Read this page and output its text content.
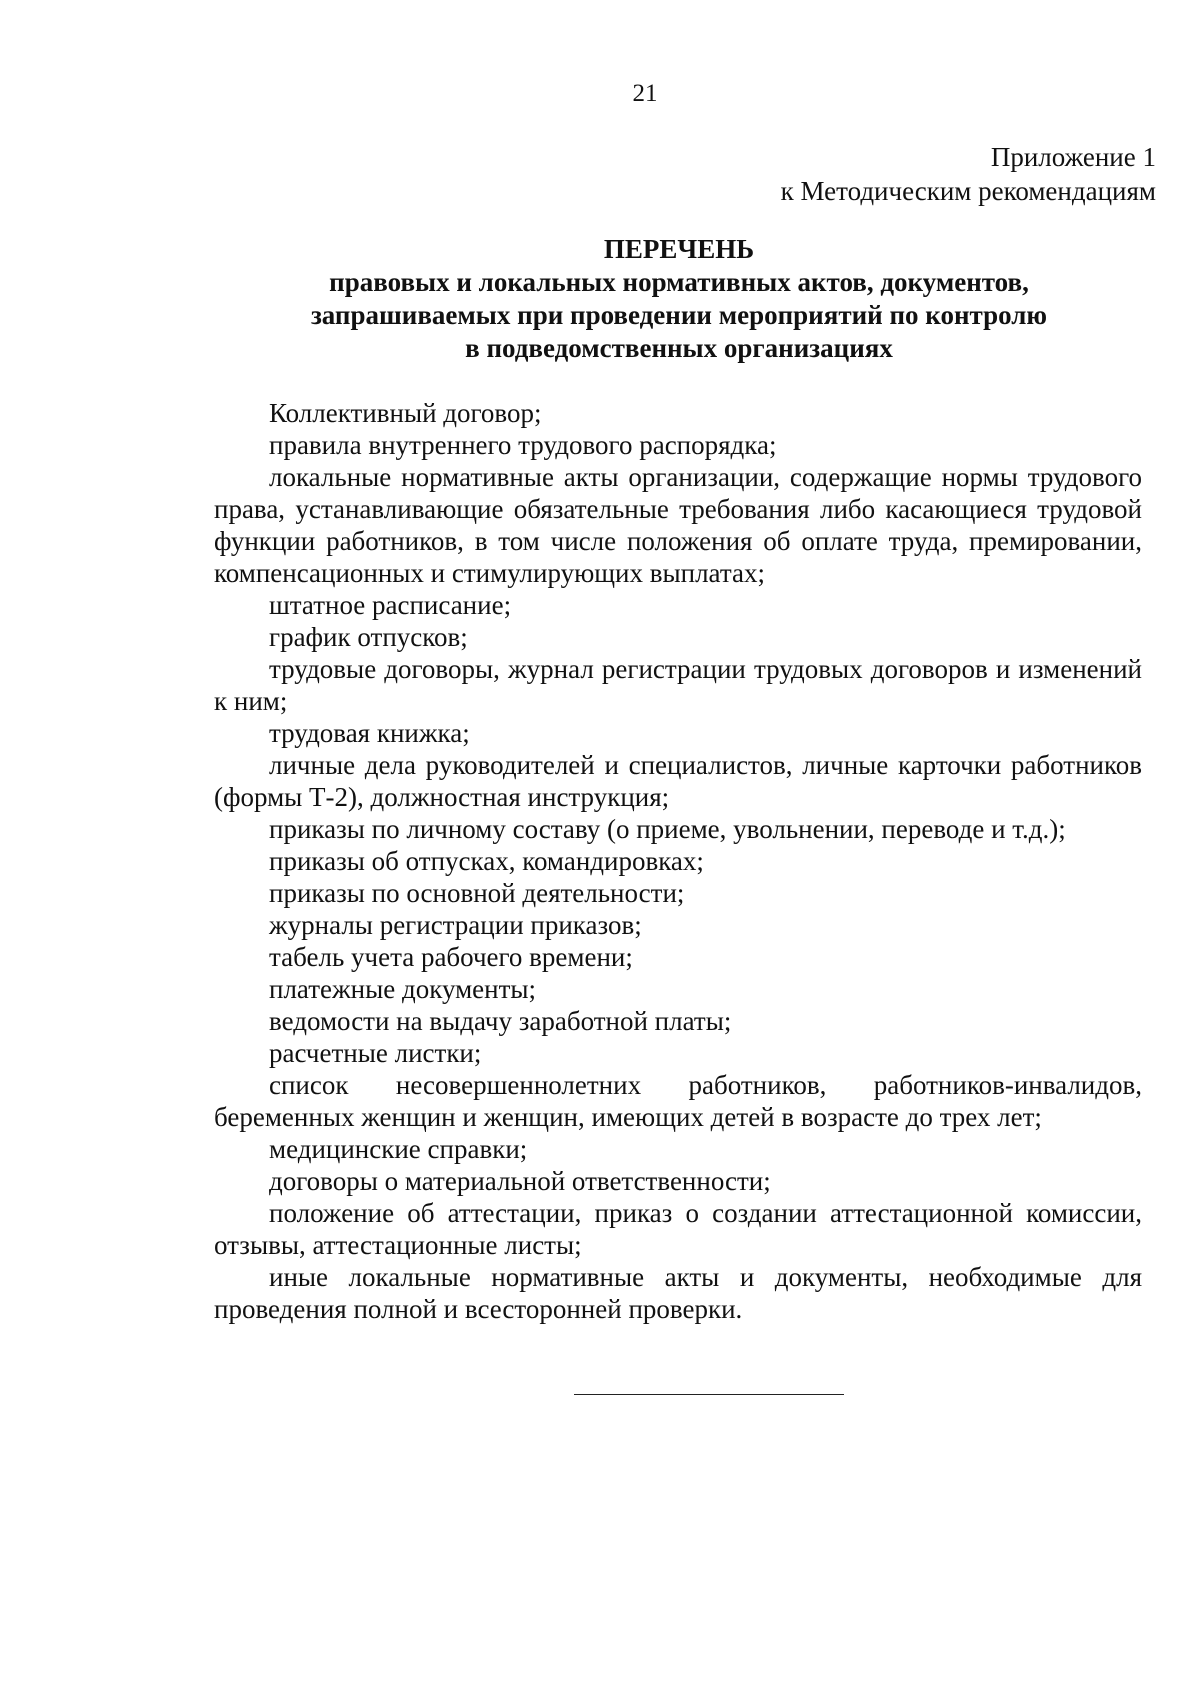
21
Приложение 1
к Методическим рекомендациям
ПЕРЕЧЕНЬ
правовых и локальных нормативных актов, документов,
запрашиваемых при проведении мероприятий по контролю
в подведомственных организациях

Коллективный договор;

правила внутреннего трудового распорядка;

локальные нормативные акты организации, содержащие нормы трудового права, устанавливающие обязательные требования либо касающиеся трудовой функции работников, в том числе положения об оплате труда, премировании, компенсационных и стимулирующих выплатах;

штатное расписание;

график отпусков;

трудовые договоры, журнал регистрации трудовых договоров и изменений к ним;

трудовая книжка;

личные дела руководителей и специалистов, личные карточки работников (формы Т-2), должностная инструкция;

приказы по личному составу (о приеме, увольнении, переводе и т.д.);

приказы об отпусках, командировках;

приказы по основной деятельности;

журналы регистрации приказов;

табель учета рабочего времени;

платежные документы;

ведомости на выдачу заработной платы;

расчетные листки;

список несовершеннолетних работников, работников-инвалидов, беременных женщин и женщин, имеющих детей в возрасте до трех лет;

медицинские справки;

договоры о материальной ответственности;

положение об аттестации, приказ о создании аттестационной комиссии, отзывы, аттестационные листы;

иные локальные нормативные акты и документы, необходимые для проведения полной и всесторонней проверки.
